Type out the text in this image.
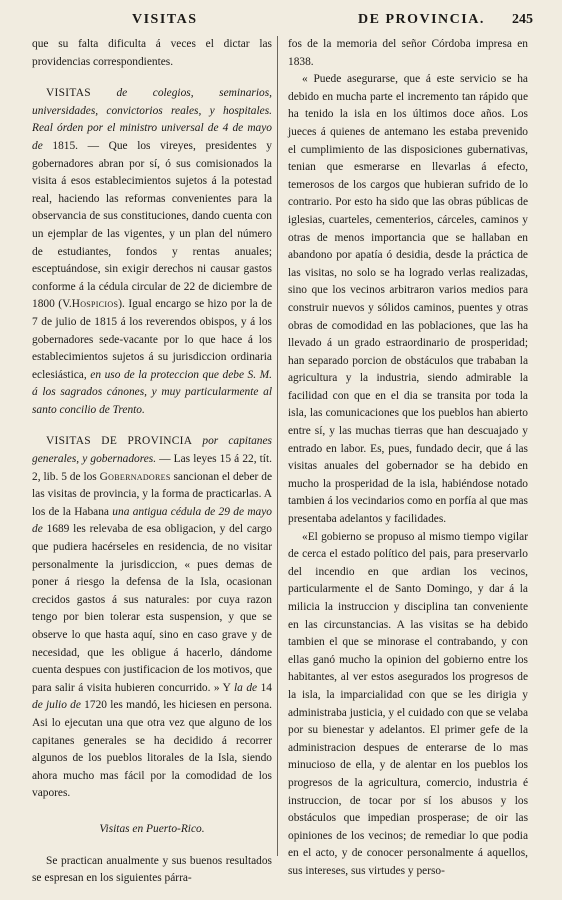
VISITAS	DE PROVINCIA. 245

que su falta dificulta á veces el dictar las providencias correspondientes.

VISITAS de colegios, seminarios, universidades, convictorios reales, y hospitales. Real órden por el ministro universal de 4 de mayo de 1815. — Que los vireyes, presidentes y gobernadores abran por sí, ó sus comisionados la visita á esos establecimientos sujetos á la potestad real, haciendo las reformas convenientes para la observancia de sus constituciones, dando cuenta con un ejemplar de las vigentes, y un plan del número de estudiantes, fondos y rentas anuales; esceptuándose, sin exigir derechos ni causar gastos conforme á la cédula circular de 22 de diciembre de 1800 (V.Hospicios). Igual encargo se hizo por la de 7 de julio de 1815 á los reverendos obispos, y á los gobernadores sede-vacante por lo que hace á los establecimientos sujetos á su jurisdiccion ordinaria eclesiástica, en uso de la proteccion que debe S. M. á los sagrados cánones, y muy particularmente al santo concilio de Trento.

VISITAS DE PROVINCIA por capitanes generales, y gobernadores. — Las leyes 15 á 22, tít. 2, lib. 5 de los Gobernadores sancionan el deber de las visitas de provincia, y la forma de practicarlas. A los de la Habana una antigua cédula de 29 de mayo de 1689 les relevaba de esa obligacion, y del cargo que pudiera hacérseles en residencia, de no visitar personalmente la jurisdiccion, « pues demas de poner á riesgo la defensa de la Isla, ocasionan crecidos gastos á sus naturales: por cuya razon tengo por bien tolerar esta suspension, y que se observe lo que hasta aquí, sino en caso grave y de necesidad, que les obligue á hacerlo, dándome cuenta despues con justificacion de los motivos, que para salir á visita hubieren concurrido. » Y la de 14 de julio de 1720 les mandó, les hiciesen en persona. Asi lo ejecutan una que otra vez que alguno de los capitanes generales se ha decidido á recorrer algunos de los pueblos litorales de la Isla, siendo ahora mucho mas fácil por la comodidad de los vapores.

Visitas en Puerto-Rico.

Se practican anualmente y sus buenos resultados se espresan en los siguientes párra-

fos de la memoria del señor Córdoba impresa en 1838.

« Puede asegurarse, que á este servicio se ha debido en mucha parte el incremento tan rápido que ha tenido la isla en los últimos doce años. Los jueces á quienes de antemano les estaba prevenido el cumplimiento de las disposiciones gubernativas, tenian que esmerarse en llevarlas á efecto, temerosos de los cargos que hubieran sufrido de lo contrario. Por esto ha sido que las obras públicas de iglesias, cuarteles, cementerios, cárceles, caminos y otras de menos importancia que se hallaban en abandono por apatía ó desidia, desde la práctica de las visitas, no solo se ha logrado verlas realizadas, sino que los vecinos arbitraron varios medios para construir nuevos y sólidos caminos, puentes y otras obras de comodidad en las poblaciones, que las ha llevado á un grado estraordinario de prosperidad; han separado porcion de obstáculos que trababan la agricultura y la industria, siendo admirable la facilidad con que en el dia se transita por toda la isla, las comunicaciones que los pueblos han abierto entre sí, y las muchas tierras que han descuajado y entrado en labor. Es, pues, fundado decir, que á las visitas anuales del gobernador se ha debido en mucho la prosperidad de la isla, habiéndose notado tambien á los vecindarios como en porfía al que mas presentaba adelantos y facilidades.

«El gobierno se propuso al mismo tiempo vigilar de cerca el estado político del pais, para preservarlo del incendio en que ardian los vecinos, particularmente el de Santo Domingo, y dar á la milicia la instruccion y disciplina tan conveniente en las circunstancias. A las visitas se ha debido tambien el que se minorase el contrabando, y con ellas ganó mucho la opinion del gobierno entre los habitantes, al ver estos asegurados los progresos de la isla, la imparcialidad con que se les dirigia y administraba justicia, y el cuidado con que se velaba por su bienestar y adelantos. El primer gefe de la administracion despues de enterarse de lo mas minucioso de ella, y de alentar en los pueblos los progresos de la agricultura, comercio, industria é instruccion, de tocar por sí los abusos y los obstáculos que impedian prosperase; de oir las opiniones de los vecinos; de remediar lo que podia en el acto, y de conocer personalmente á aquellos, sus intereses, sus virtudes y perso-
